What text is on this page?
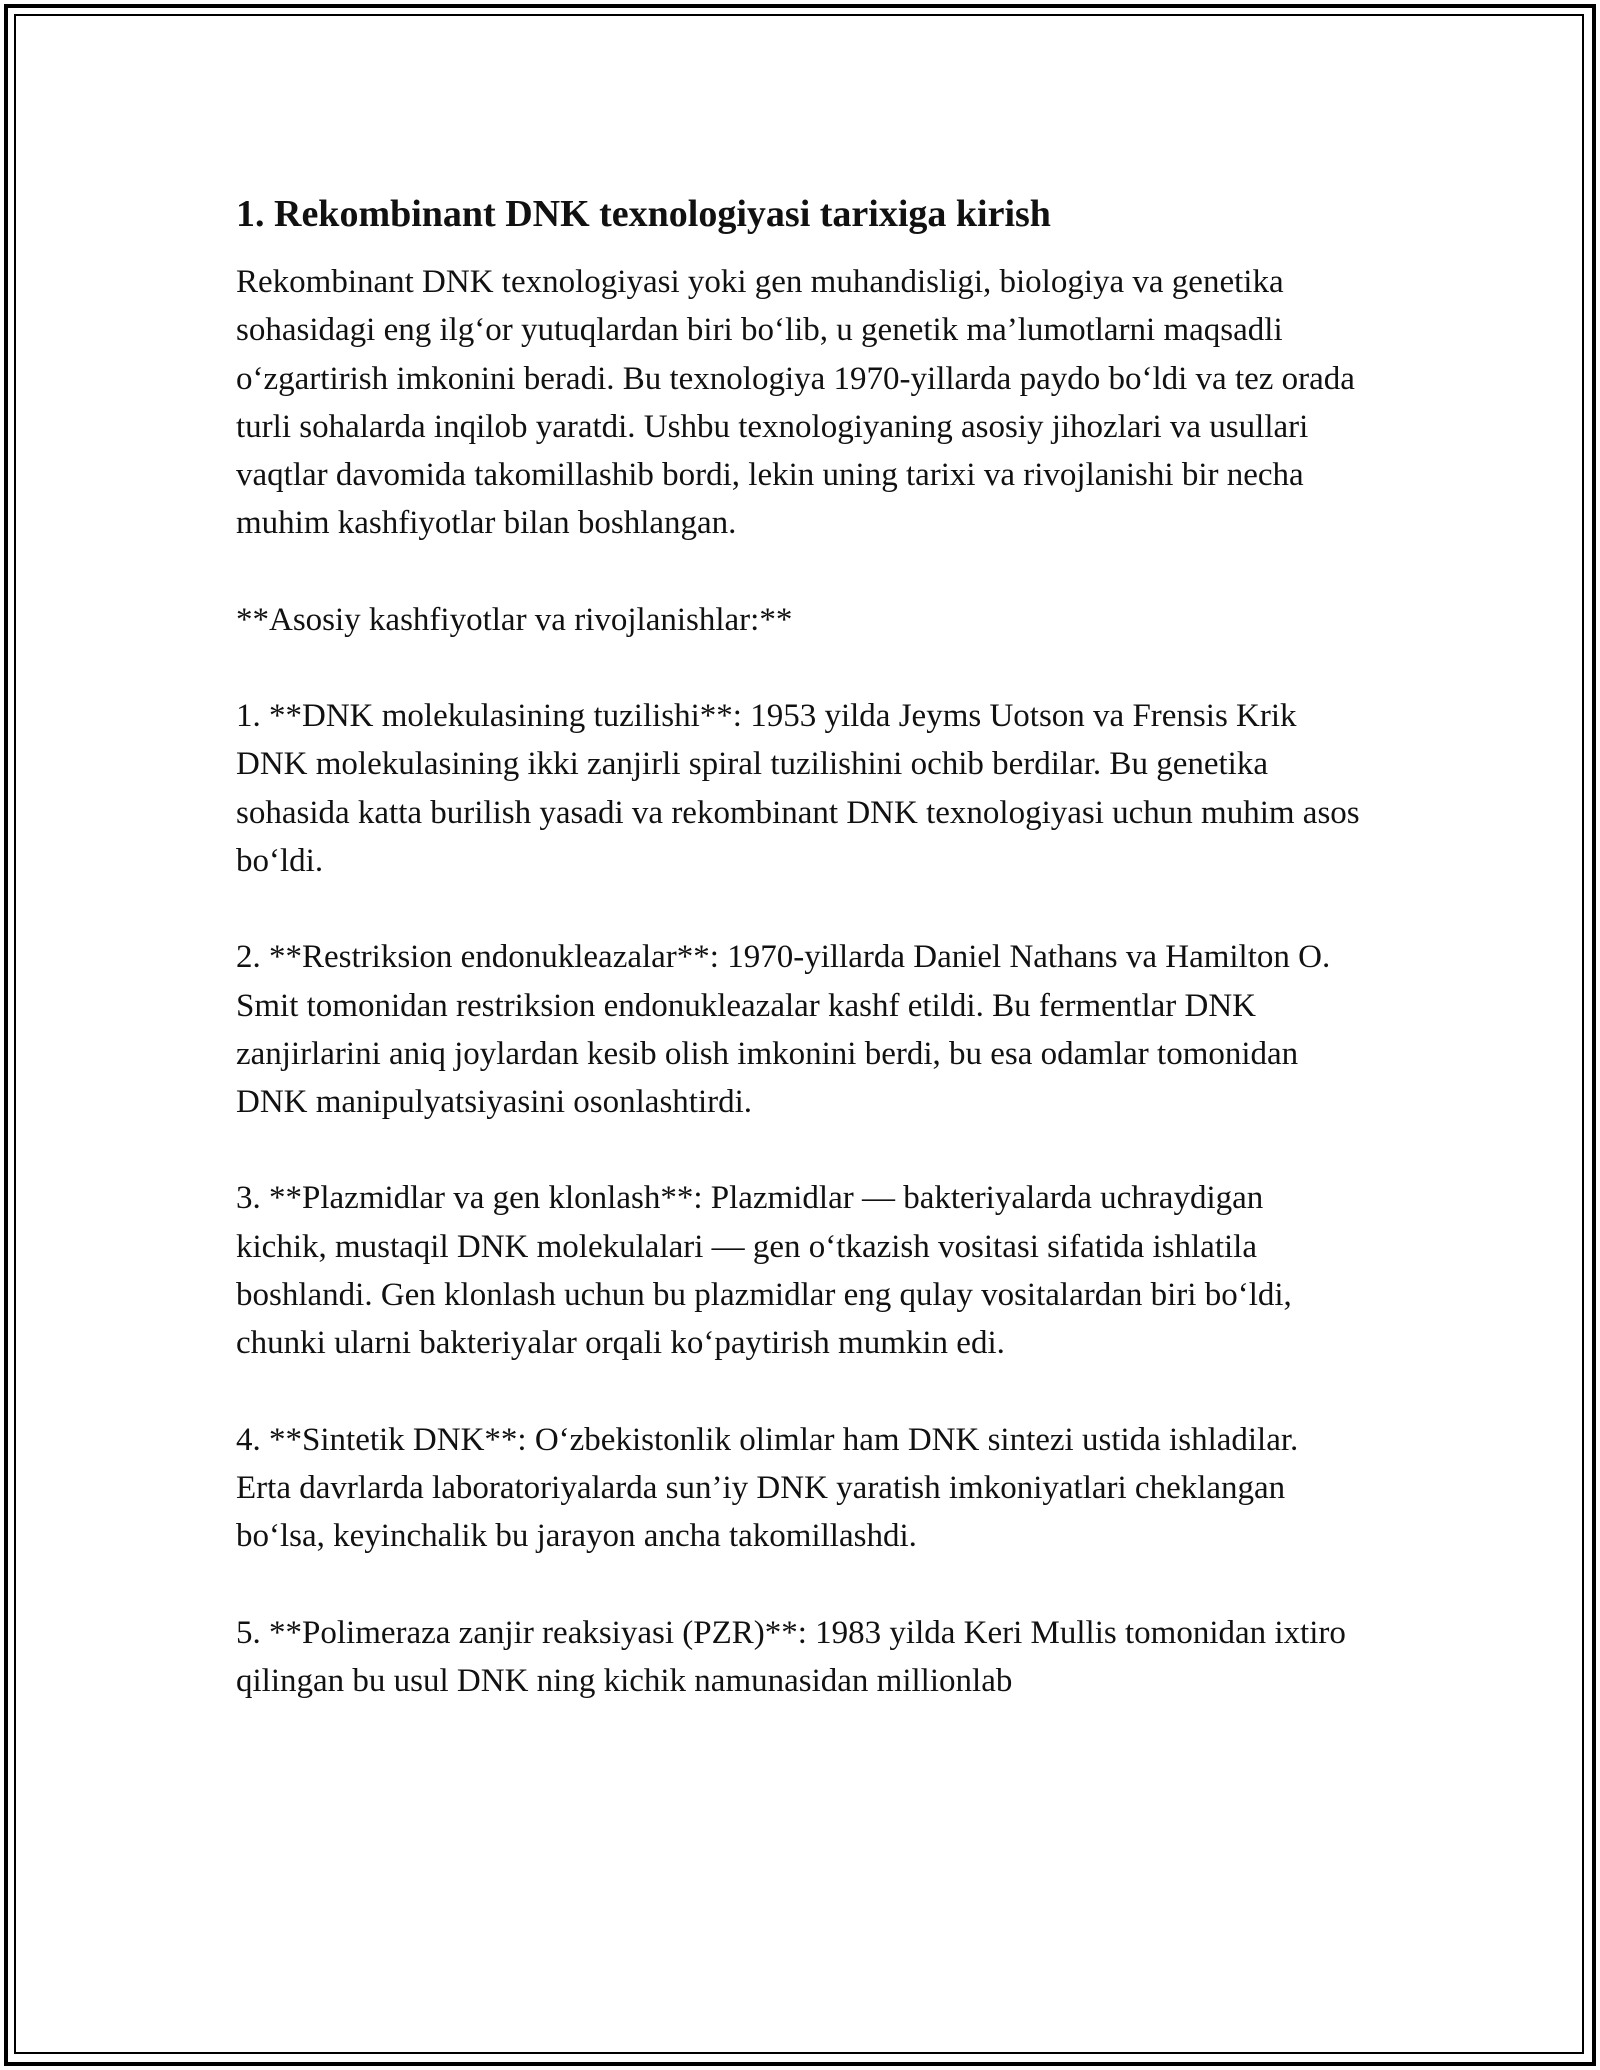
1. Rekombinant DNK texnologiyasi tarixiga kirish

Rekombinant DNK texnologiyasi yoki gen muhandisligi, biologiya va genetika sohasidagi eng ilg‘or yutuqlardan biri bo‘lib, u genetik ma’lumotlarni maqsadli o‘zgartirish imkonini beradi. Bu texnologiya 1970-yillarda paydo bo‘ldi va tez orada turli sohalarda inqilob yaratdi. Ushbu texnologiyaning asosiy jihozlari va usullari vaqtlar davomida takomillashib bordi, lekin uning tarixi va rivojlanishi bir necha muhim kashfiyotlar bilan boshlangan.

**Asosiy kashfiyotlar va rivojlanishlar:**

1. **DNK molekulasining tuzilishi**: 1953 yilda Jeyms Uotson va Frensis Krik DNK molekulasining ikki zanjirli spiral tuzilishini ochib berdilar. Bu genetika sohasida katta burilish yasadi va rekombinant DNK texnologiyasi uchun muhim asos bo‘ldi.

2. **Restriksion endonukleazalar**: 1970-yillarda Daniel Nathans va Hamilton O. Smit tomonidan restriksion endonukleazalar kashf etildi. Bu fermentlar DNK zanjirlarini aniq joylardan kesib olish imkonini berdi, bu esa odamlar tomonidan DNK manipulyatsiyasini osonlashtirdi.

3. **Plazmidlar va gen klonlash**: Plazmidlar — bakteriyalarda uchraydigan kichik, mustaqil DNK molekulalari — gen o‘tkazish vositasi sifatida ishlatila boshlandi. Gen klonlash uchun bu plazmidlar eng qulay vositalardan biri bo‘ldi, chunki ularni bakteriyalar orqali ko‘paytirish mumkin edi.

4. **Sintetik DNK**: O‘zbekistonlik olimlar ham DNK sintezi ustida ishladilar. Erta davrlarda laboratoriyalarda sun’iy DNK yaratish imkoniyatlari cheklangan bo‘lsa, keyinchalik bu jarayon ancha takomillashdi.

5. **Polimeraza zanjir reaksiyasi (PZR)**: 1983 yilda Keri Mullis tomonidan ixtiro qilingan bu usul DNK ning kichik namunasidan millionlab
